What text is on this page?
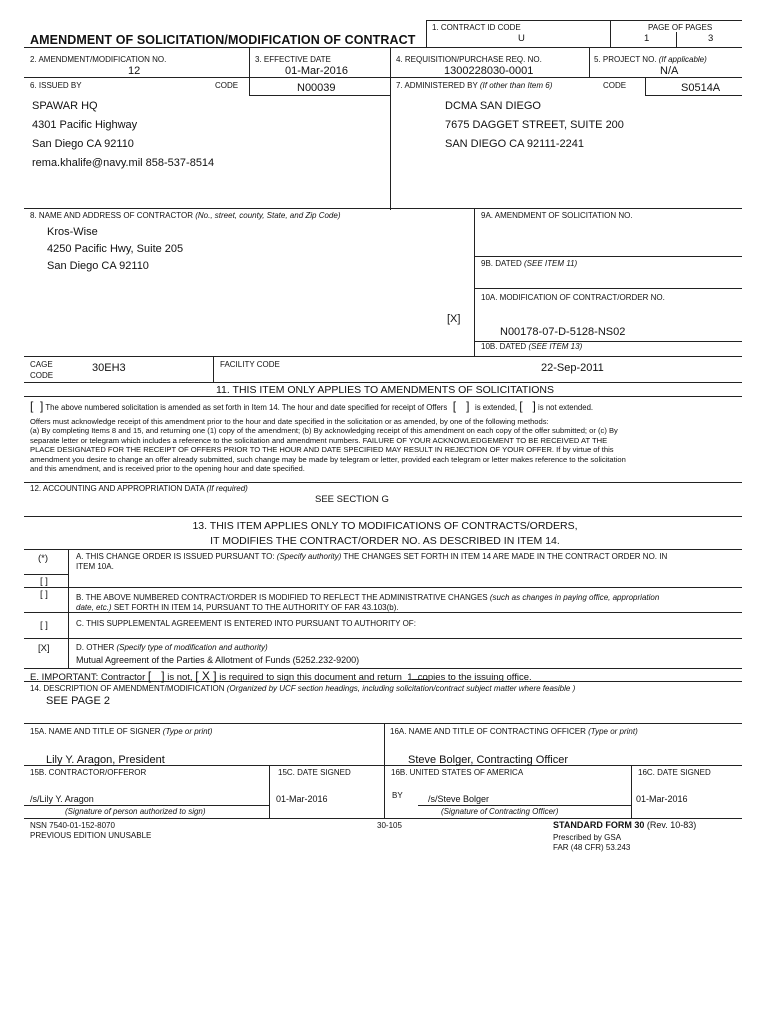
AMENDMENT OF SOLICITATION/MODIFICATION OF CONTRACT
1. CONTRACT ID CODE
U
PAGE OF PAGES
1	3
2. AMENDMENT/MODIFICATION NO.
12
3. EFFECTIVE DATE
01-Mar-2016
4. REQUISITION/PURCHASE REQ. NO.
1300228030-0001
5. PROJECT NO. (If applicable)
N/A
6. ISSUED BY	CODE	N00039
SPAWAR HQ
4301 Pacific Highway
San Diego CA 92110
rema.khalife@navy.mil 858-537-8514
7. ADMINISTERED BY (If other than Item 6)	CODE	S0514A
DCMA SAN DIEGO
7675 DAGGET STREET, SUITE 200
SAN DIEGO CA 92111-2241
8. NAME AND ADDRESS OF CONTRACTOR (No., street, county, State, and Zip Code)
Kros-Wise
4250 Pacific Hwy, Suite 205
San Diego CA 92110
9A. AMENDMENT OF SOLICITATION NO.
9B. DATED (SEE ITEM 11)
10A. MODIFICATION OF CONTRACT/ORDER NO.
[X]
N00178-07-D-5128-NS02
10B. DATED (SEE ITEM 13)
22-Sep-2011
CAGE
CODE
30EH3	FACILITY CODE
11. THIS ITEM ONLY APPLIES TO AMENDMENTS OF SOLICITATIONS
[  ] The above numbered solicitation is amended as set forth in Item 14. The hour and date specified for receipt of Offers  [   ]  is extended, [   ] is not extended.
Offers must acknowledge receipt of this amendment prior to the hour and date specified in the solicitation or as amended, by one of the following methods:
(a) By completing Items 8 and 15, and returning one (1) copy of the amendment; (b) By acknowledging receipt of this amendment on each copy of the offer submitted; or (c) By
separate letter or telegram which includes a reference to the solicitation and amendment numbers. FAILURE OF YOUR ACKNOWLEDGEMENT TO BE RECEIVED AT THE
PLACE DESIGNATED FOR THE RECEIPT OF OFFERS PRIOR TO THE HOUR AND DATE SPECIFIED MAY RESULT IN REJECTION OF YOUR OFFER. If by virtue of this
amendment you desire to change an offer already submitted, such change may be made by telegram or letter, provided each telegram or letter makes reference to the solicitation
and this amendment, and is received prior to the opening hour and date specified.
12. ACCOUNTING AND APPROPRIATION DATA (If required)
SEE SECTION G
13. THIS ITEM APPLIES ONLY TO MODIFICATIONS OF CONTRACTS/ORDERS,
IT MODIFIES THE CONTRACT/ORDER NO. AS DESCRIBED IN ITEM 14.
(*)	A. THIS CHANGE ORDER IS ISSUED PURSUANT TO: (Specify authority) THE CHANGES SET FORTH IN ITEM 14 ARE MADE IN THE CONTRACT ORDER NO. IN
ITEM 10A.
[ ]
[ ]	B. THE ABOVE NUMBERED CONTRACT/ORDER IS MODIFIED TO REFLECT THE ADMINISTRATIVE CHANGES (such as changes in paying office, appropriation
date, etc.) SET FORTH IN ITEM 14, PURSUANT TO THE AUTHORITY OF FAR 43.103(b).
[ ]	C. THIS SUPPLEMENTAL AGREEMENT IS ENTERED INTO PURSUANT TO AUTHORITY OF:
[X]	D. OTHER (Specify type of modification and authority)
Mutual Agreement of the Parties & Allotment of Funds (5252.232-9200)
E. IMPORTANT: Contractor [   ] is not, [ X ] is required to sign this document and return 1 copies to the issuing office.
14. DESCRIPTION OF AMENDMENT/MODIFICATION (Organized by UCF section headings, including solicitation/contract subject matter where feasible )
SEE PAGE 2
15A. NAME AND TITLE OF SIGNER (Type or print)
Lily Y. Aragon, President
16A. NAME AND TITLE OF CONTRACTING OFFICER (Type or print)
Steve Bolger, Contracting Officer
15B. CONTRACTOR/OFFEROR
/s/Lily Y. Aragon
(Signature of person authorized to sign)
15C. DATE SIGNED
01-Mar-2016
16B. UNITED STATES OF AMERICA
BY	/s/Steve Bolger
(Signature of Contracting Officer)
16C. DATE SIGNED
01-Mar-2016
NSN 7540-01-152-8070
PREVIOUS EDITION UNUSABLE
30-105	STANDARD FORM 30 (Rev. 10-83)
Prescribed by GSA
FAR (48 CFR) 53.243
